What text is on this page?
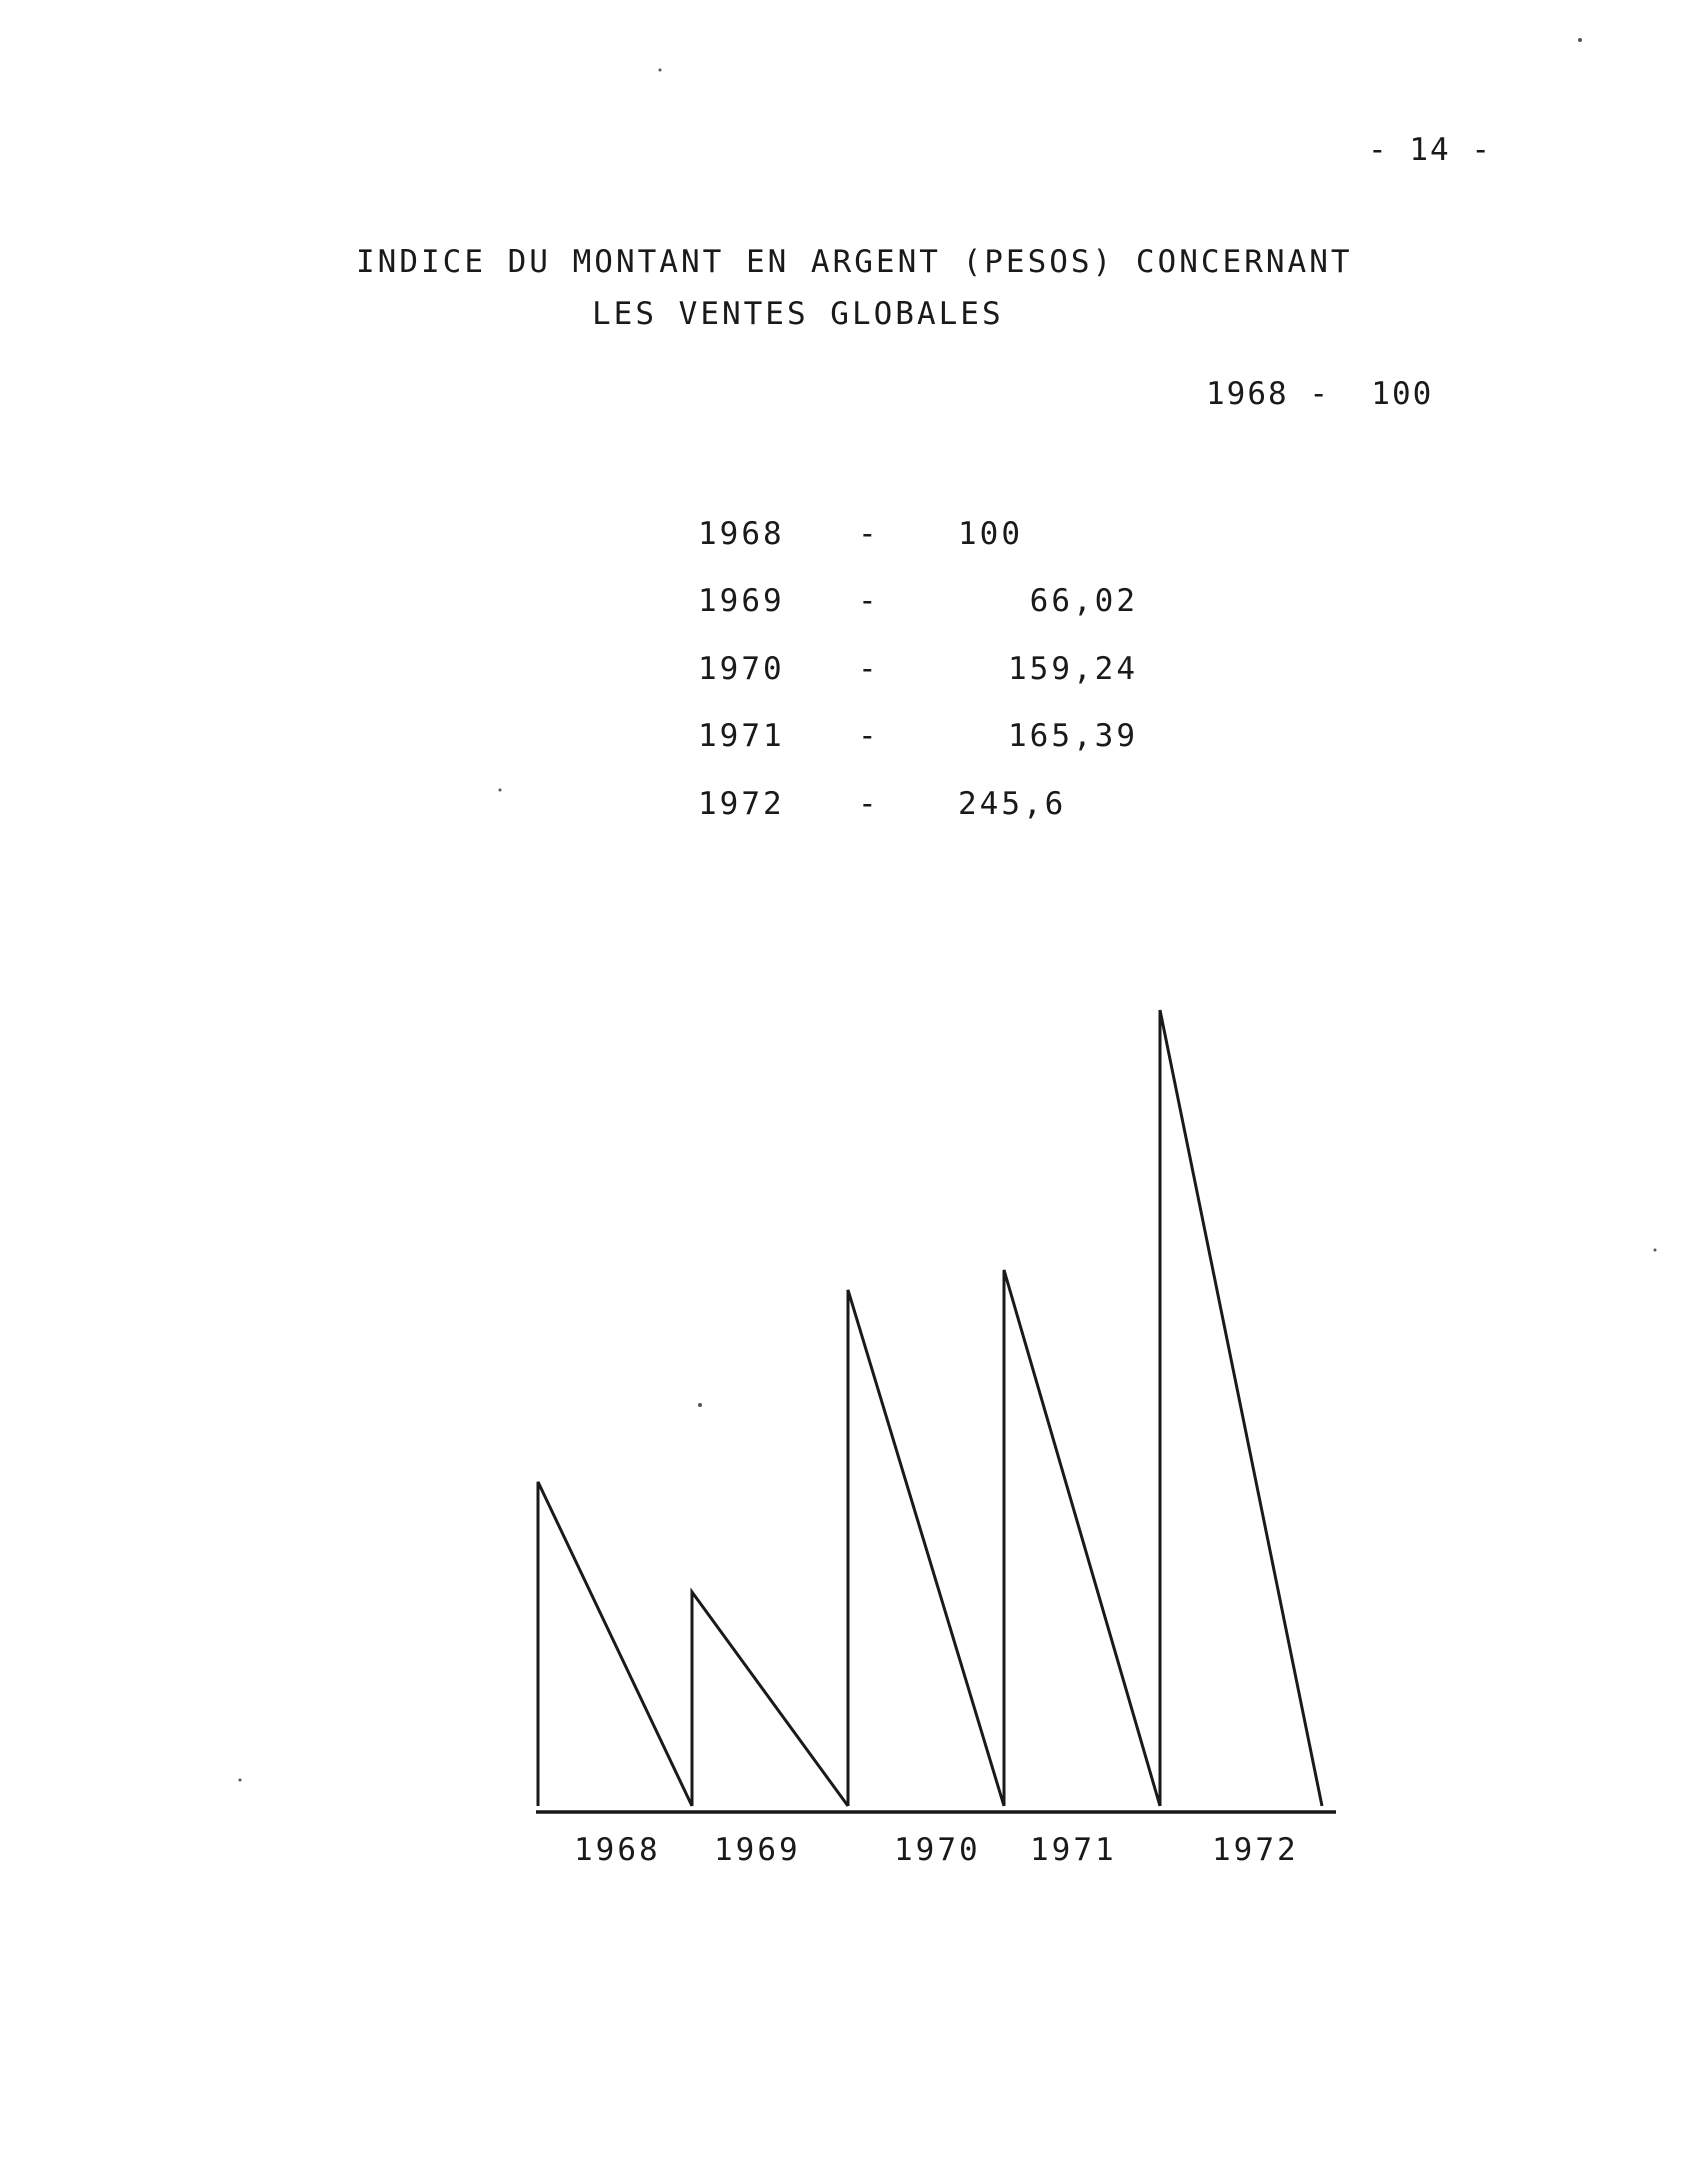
- 14 -
INDICE DU MONTANT EN ARGENT (PESOS) CONCERNANT
LES VENTES GLOBALES
1968 -  100
1968	-	100
1969	-	66,02
1970	-	159,24
1971	-	165,39
1972	-	245,6
1968 1969	1970 1971	1972
